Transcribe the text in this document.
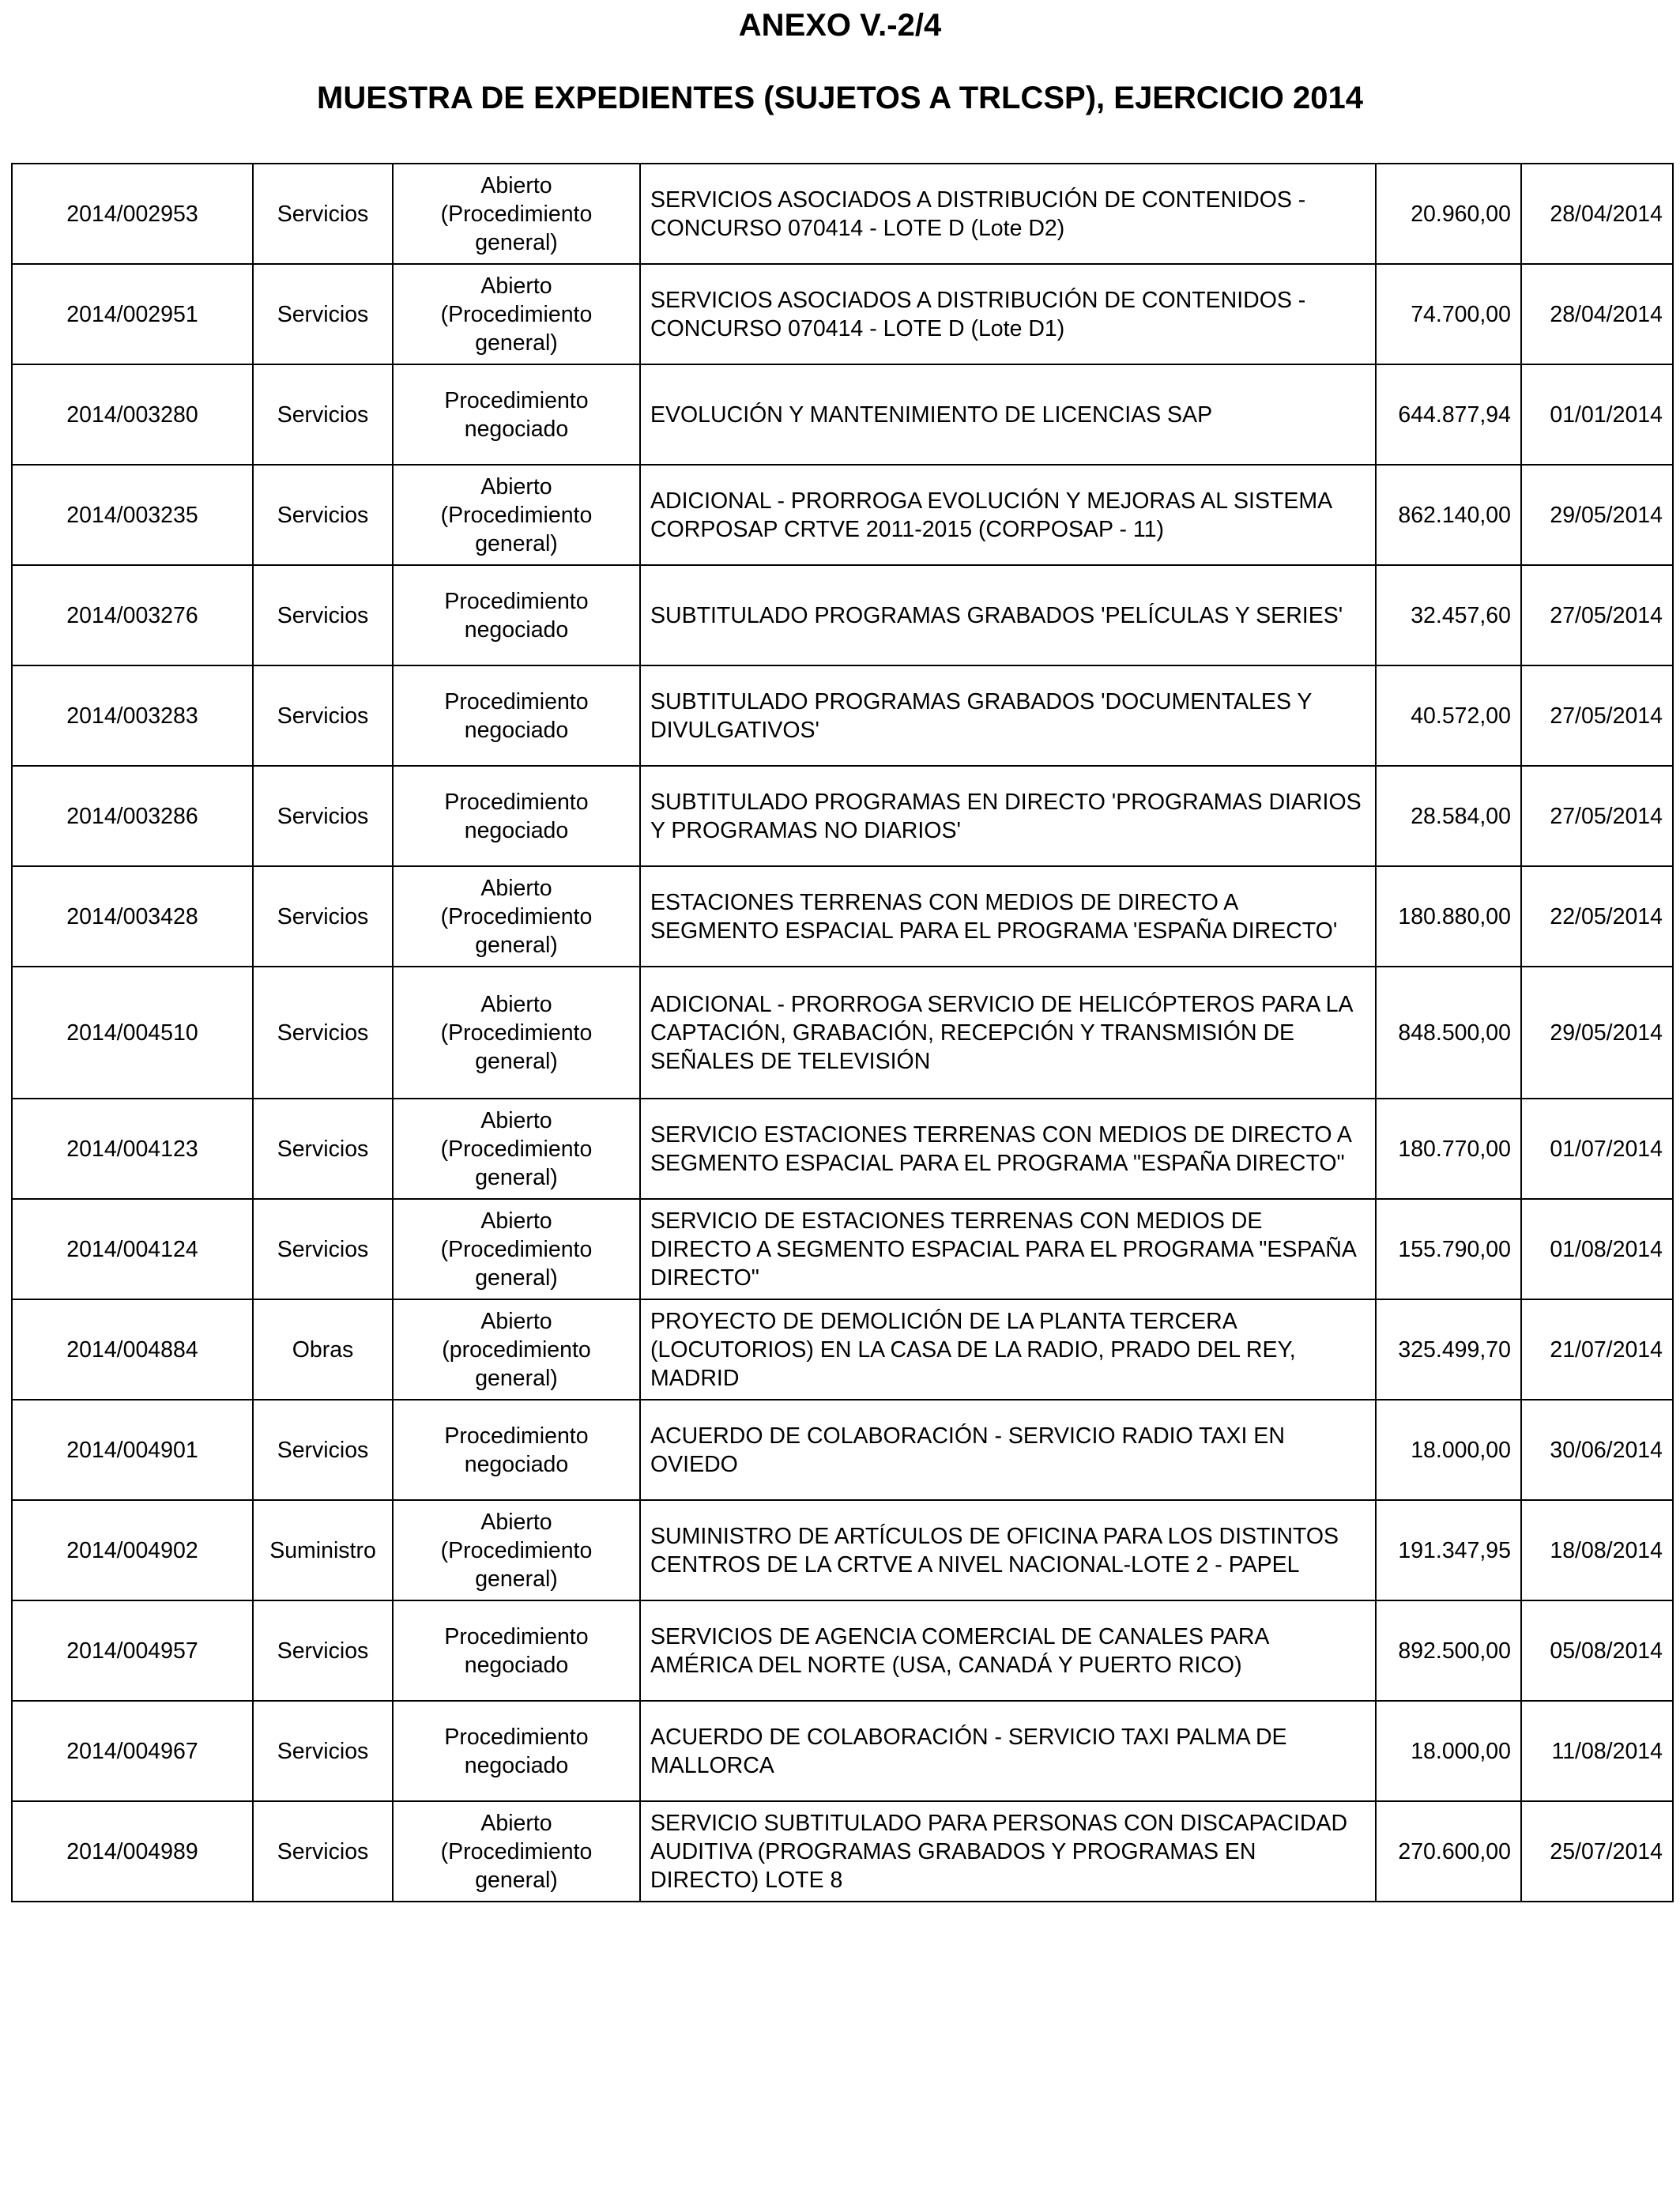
ANEXO V.-2/4
MUESTRA DE EXPEDIENTES (SUJETOS A TRLCSP), EJERCICIO 2014
2014/002953	Servicios	Abierto
(Procedimiento
general)	SERVICIOS ASOCIADOS A DISTRIBUCIÓN DE CONTENIDOS - CONCURSO 070414 - LOTE D (Lote D2)	20.960,00	28/04/2014
2014/002951	Servicios	Abierto
(Procedimiento
general)	SERVICIOS ASOCIADOS A DISTRIBUCIÓN DE CONTENIDOS - CONCURSO 070414 - LOTE D (Lote D1)	74.700,00	28/04/2014
2014/003280	Servicios	Procedimiento
negociado	EVOLUCIÓN Y MANTENIMIENTO DE LICENCIAS SAP	644.877,94	01/01/2014
2014/003235	Servicios	Abierto
(Procedimiento
general)	ADICIONAL - PRORROGA EVOLUCIÓN Y MEJORAS AL SISTEMA CORPOSAP CRTVE 2011-2015 (CORPOSAP - 11)	862.140,00	29/05/2014
2014/003276	Servicios	Procedimiento
negociado	SUBTITULADO PROGRAMAS GRABADOS 'PELÍCULAS Y SERIES'	32.457,60	27/05/2014
2014/003283	Servicios	Procedimiento
negociado	SUBTITULADO PROGRAMAS GRABADOS 'DOCUMENTALES Y DIVULGATIVOS'	40.572,00	27/05/2014
2014/003286	Servicios	Procedimiento
negociado	SUBTITULADO PROGRAMAS EN DIRECTO 'PROGRAMAS DIARIOS Y PROGRAMAS NO DIARIOS'	28.584,00	27/05/2014
2014/003428	Servicios	Abierto
(Procedimiento
general)	ESTACIONES TERRENAS CON MEDIOS DE DIRECTO A SEGMENTO ESPACIAL PARA EL PROGRAMA 'ESPAÑA DIRECTO'	180.880,00	22/05/2014
2014/004510	Servicios	Abierto
(Procedimiento
general)	ADICIONAL - PRORROGA SERVICIO DE HELICÓPTEROS PARA LA CAPTACIÓN, GRABACIÓN, RECEPCIÓN Y TRANSMISIÓN DE SEÑALES DE TELEVISIÓN	848.500,00	29/05/2014
2014/004123	Servicios	Abierto
(Procedimiento
general)	SERVICIO ESTACIONES TERRENAS CON MEDIOS DE DIRECTO A SEGMENTO ESPACIAL PARA EL PROGRAMA "ESPAÑA DIRECTO"	180.770,00	01/07/2014
2014/004124	Servicios	Abierto
(Procedimiento
general)	SERVICIO DE ESTACIONES TERRENAS CON MEDIOS DE DIRECTO A SEGMENTO ESPACIAL PARA EL PROGRAMA "ESPAÑA DIRECTO"	155.790,00	01/08/2014
2014/004884	Obras	Abierto
(procedimiento
general)	PROYECTO DE DEMOLICIÓN DE LA PLANTA TERCERA (LOCUTORIOS) EN LA CASA DE LA RADIO, PRADO DEL REY, MADRID	325.499,70	21/07/2014
2014/004901	Servicios	Procedimiento
negociado	ACUERDO DE COLABORACIÓN - SERVICIO RADIO TAXI EN OVIEDO	18.000,00	30/06/2014
2014/004902	Suministro	Abierto
(Procedimiento
general)	SUMINISTRO DE ARTÍCULOS DE OFICINA PARA LOS DISTINTOS CENTROS DE LA CRTVE A NIVEL NACIONAL-LOTE 2 - PAPEL	191.347,95	18/08/2014
2014/004957	Servicios	Procedimiento
negociado	SERVICIOS DE AGENCIA COMERCIAL DE CANALES PARA AMÉRICA DEL NORTE (USA, CANADÁ Y PUERTO RICO)	892.500,00	05/08/2014
2014/004967	Servicios	Procedimiento
negociado	ACUERDO DE COLABORACIÓN - SERVICIO TAXI PALMA DE MALLORCA	18.000,00	11/08/2014
2014/004989	Servicios	Abierto
(Procedimiento
general)	SERVICIO SUBTITULADO PARA PERSONAS CON DISCAPACIDAD AUDITIVA (PROGRAMAS GRABADOS Y PROGRAMAS EN DIRECTO) LOTE 8	270.600,00	25/07/2014
